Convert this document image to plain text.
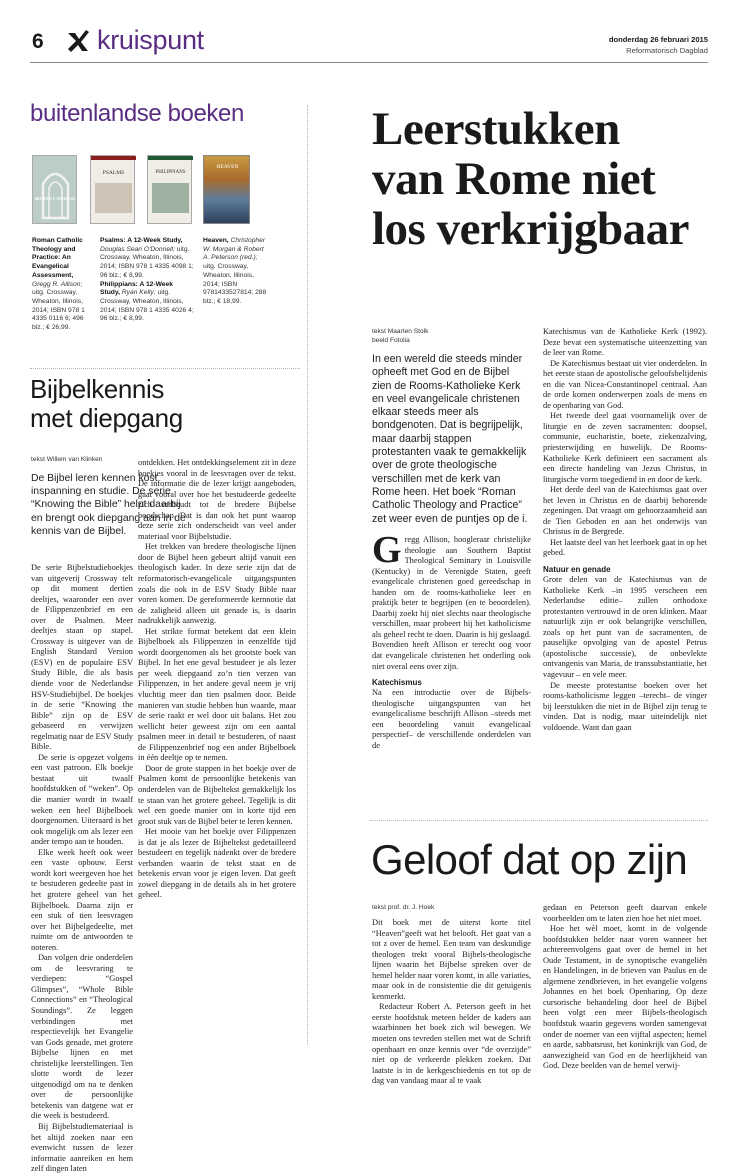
6 kruispunt	donderdag 26 februari 2015
Reformatorisch Dagblad
buitenlandse boeken
ROMAN CATHOLIC
PSALMS	PHILIPPIANS
HEAVEN
Roman Catholic Theology and Practice: An Evangelical Assessment, Gregg R. Allison; uitg. Crossway, Wheaton, Illinois, 2014; ISBN 978 1 4335 0116 6; 496 blz.; € 26,99.
Psalms: A 12-Week Study, Douglas Sean O'Donnell; uitg. Crossway, Wheaton, Illinois, 2014; ISBN 978 1 4335 4098 1; 96 blz.; € 8,99.
Philippians: A 12-Week Study, Ryan Kelly; uitg. Crossway, Wheaton, Illinois, 2014; ISBN 978 1 4335 4026 4; 96 blz.; € 8,99.
Heaven, Christopher W. Morgan & Robert A. Peterson (red.); uitg. Crossway, Wheaton, Illinois, 2014; ISBN 9781433527814; 288 blz.; € 18,99.
Bijbelkennis met diepgang
tekst Willem van Klinken
De Bijbel leren kennen kost inspanning en studie. De serie “Knowing the Bible” helpt daarbij en brengt ook diepgang aan in de kennis van de Bijbel.

De serie Bijbelstudieboekjes van uitgeverij Crossway telt op dit moment dertien deeltjes, waaronder een over de Filippenzenbrief en een over de Psalmen. Meer deeltjes staan op stapel. Crossway is uitgever van de English Standard Version (ESV) en de populaire ESV Study Bible, die als basis diende voor de Nederlandse HSV-Studiebijbel. De boekjes in de serie “Knowing the Bible” zijn op de ESV gebaseerd en verwijzen regelmatig naar de ESV Study Bible.

De serie is opgezet volgens een vast patroon. Elk boekje bestaat uit twaalf hoofdstukken of “weken”. Op die manier wordt in twaalf weken een heel Bijbelboek doorgenomen. Uiteraard is het ook mogelijk om als lezer een ander tempo aan te houden.

Elke week heeft ook weer een vaste opbouw. Eerst wordt kort weergeven hoe het te bestuderen gedeelte past in het grotere geheel van het Bijbelboek. Daarna zijn er een stuk of tien leesvragen over het Bijbelgedeelte, met ruimte om de antwoorden te noteren.

Dan volgen drie onderdelen om de leesvraring te verdiepen: “Gospel Glimpses”, “Whole Bible Connections” en “Theological Soundings”. Ze leggen verbindingen met respectievelijk het Evangelie van Gods genade, met grotere Bijbelse lijnen en met christelijke leerstellingen. Ten slotte wordt de lezer uitgenodigd om na te denken over de persoonlijke betekenis van datgene wat er die week is bestudeerd.

Bij Bijbelstudiemateriaal is het altijd zoeken naar een evenwicht tussen de lezer informatie aanreiken en hem zelf dingen laten

ontdekken. Het ontdekkingselement zit in deze boekjes vooral in de leesvragen over de tekst. De informatie die de lezer krijgt aangeboden, gaat vooral over hoe het bestudeerde gedeelte zich verhoudt tot de bredere Bijbelse boodschap. Dat is dan ook het punt waarop deze serie zich onderscheidt van veel ander materiaal voor Bijbelstudie.

Het trekken van bredere theologische lijnen door de Bijbel heen gebeurt altijd vanuit een theologisch kader. In deze serie zijn dat de reformatorisch-evangelicale uitgangspunten zoals die ook in de ESV Study Bible naar voren komen. De gereformeerde kernnotie dat de zaligheid alleen uit genade is, is daarin nadrukkelijk aanwezig.

Het strikte format betekent dat een klein Bijbelboek als Filippenzen in eenzelfde tijd wordt doorgenomen als het grootste boek van Bijbel. In het ene geval bestudeer je als lezer per week diepgaand zo’n tien verzen van Filippenzen, in het andere geval neem je vrij vluchtig meer dan tien psalmen door. Beide manieren van studie hebben hun waarde, maar de serie raakt er wel door uit balans. Het zou wellicht beter geweest zijn om een aantal psalmen meer in detail te bestuderen, of naast de Filippenzenbrief nog een ander Bijbelboek in één deeltje op te nemen.

Door de grote stappen in het boekje over de Psalmen komt de persoonlijke betekenis van onderdelen van de Bijbeltekst gemakkelijk los te staan van het grotere geheel. Tegelijk is dit wel een goede manier om in korte tijd een groot stuk van de Bijbel beter te leren kennen.

Het mooie van het boekje over Filippenzen is dat je als lezer de Bijbeltekst gedetailleerd bestudeert en tegelijk nadenkt over de bredere verbanden waarin de tekst staat en de betekenis ervan voor je eigen leven. Dat geeft zowel diepgang in de details als in het grotere geheel.

Leerstukken van Rome niet los verkrijgbaar
tekst Maarten Stolk
beeld Fotolia
In een wereld die steeds minder opheeft met God en de Bijbel zien de Rooms-Katholieke Kerk en veel evangelicale christenen elkaar steeds meer als bondgenoten. Dat is begrijpelijk, maar daarbij stappen protestanten vaak te gemakkelijk over de grote theologische verschillen met de kerk van Rome heen. Het boek “Roman Catholic Theology and Practice” zet weer even de puntjes op de i.

Gregg Allison, hoogleraar christelijke theologie aan Southern Baptist Theological Seminary in Louisville (Kentucky) in de Verenigde Staten, geeft evangelicale christenen goed gereedschap in handen om de rooms-katholieke leer en praktijk beter te begrijpen (en te beoordelen). Daarbij zoekt hij niet slechts naar theologische verschillen, maar probeert hij het katholicisme als geheel recht te doen. Daarin is hij geslaagd. Bovendien heeft Allison er terecht oog voor dat evangelicale christenen het onderling ook niet overal eens over zijn.

Katechismus

Na een introductie over de Bijbels-theologische uitgangspunten van het evangelicalisme beschrijft Allison –steeds met een beoordeling vanuit evangelicaal perspectief– de verschillende onderdelen van de

Katechismus van de Katholieke Kerk (1992). Deze bevat een systematische uiteenzetting van de leer van Rome.

De Katechismus bestaat uit vier onderdelen. In het eerste staan de apostolische geloofsbelijdenis en die van Nicea-Constantinopel centraal. Aan de orde komen onderwerpen zoals de mens en de openbaring van God.

Het tweede deel gaat voornamelijk over de liturgie en de zeven sacramenten: doopsel, communie, eucharistie, boete, ziekenzalving, priesterwijding en huwelijk. De Rooms-Katholieke Kerk definieert een sacrament als een directe handeling van Jezus Christus, in liturgische vorm toegediend in en door de kerk.

Het derde deel van de Katechismus gaat over het leven in Christus en de daarbij behorende zegeningen. Dat vraagt om gehoorzaamheid aan de Tien Geboden en aan het onderwijs van Christus in de Bergrede.

Het laatste deel van het leerboek gaat in op het gebed.

Natuur en genade

Grote delen van de Katechismus van de Katholieke Kerk –in 1995 verscheen een Nederlandse editie– zullen orthodoxe protestanten vertrouwd in de oren klinken. Maar natuurlijk zijn er ook belangrijke verschillen, zoals op het punt van de sacramenten, de pauselijke opvolging van de apostel Petrus (apostolische successie), de onbevlekte ontvangenis van Maria, de transsubstantiatie, het vagevuur – en vele meer.

De meeste protestantse boeken over het rooms-katholicisme leggen –terecht– de vinger bij leerstukken die niet in de Bijbel zijn terug te vinden. Dat is nodig, maar uiteindelijk niet voldoende. Want dan gaan

Geloof dat op zijn
tekst prof. dr. J. Hoek

Dit boek met de uiterst korte titel “Heaven”geeft wat het belooft. Het gaat van a tot z over de hemel. Een team van deskundige theologen trekt vooral Bijbels-theologische lijnen waarin het Bijbelse spreken over de hemel helder naar voren komt, in alle variaties, maar ook in de consistentie die dit getuigenis kenmerkt.

Redacteur Robert A. Peterson geeft in het eerste hoofdstuk meteen helder de kaders aan waarbinnen het boek zich wil bewegen. We moeten ons tevreden stellen met wat de Schrift openbaart en onze kennis over “de overzijde” niet op de verkeerde plekken zoeken. Dat laatste is in de kerkgeschiedenis en tot op de dag van vandaag maar al te vaak

gedaan en Peterson geeft daarvan enkele voorbeelden om te laten zien hoe het niet moet.

Hoe het wèl moet, komt in de volgende hoofdstukken helder naar voren wanneer het achtereenvolgens gaat over de hemel in het Oude Testament, in de synoptische evangeliën en Handelingen, in de brieven van Paulus en de algemene zendbrieven, in het evangelie volgens Johannes en het boek Openbaring. Op deze cursorische behandeling door heel de Bijbel heen volgt een meer Bijbels-theologisch hoofdstuk waarin gegevens worden samengevat onder de noemer van een vijftal aspecten; hemel en aarde, sabbatsrust, het koninkrijk van God, de aanwezigheid van God en de heerlijkheid van God. Deze beelden van de hemel verwij-
